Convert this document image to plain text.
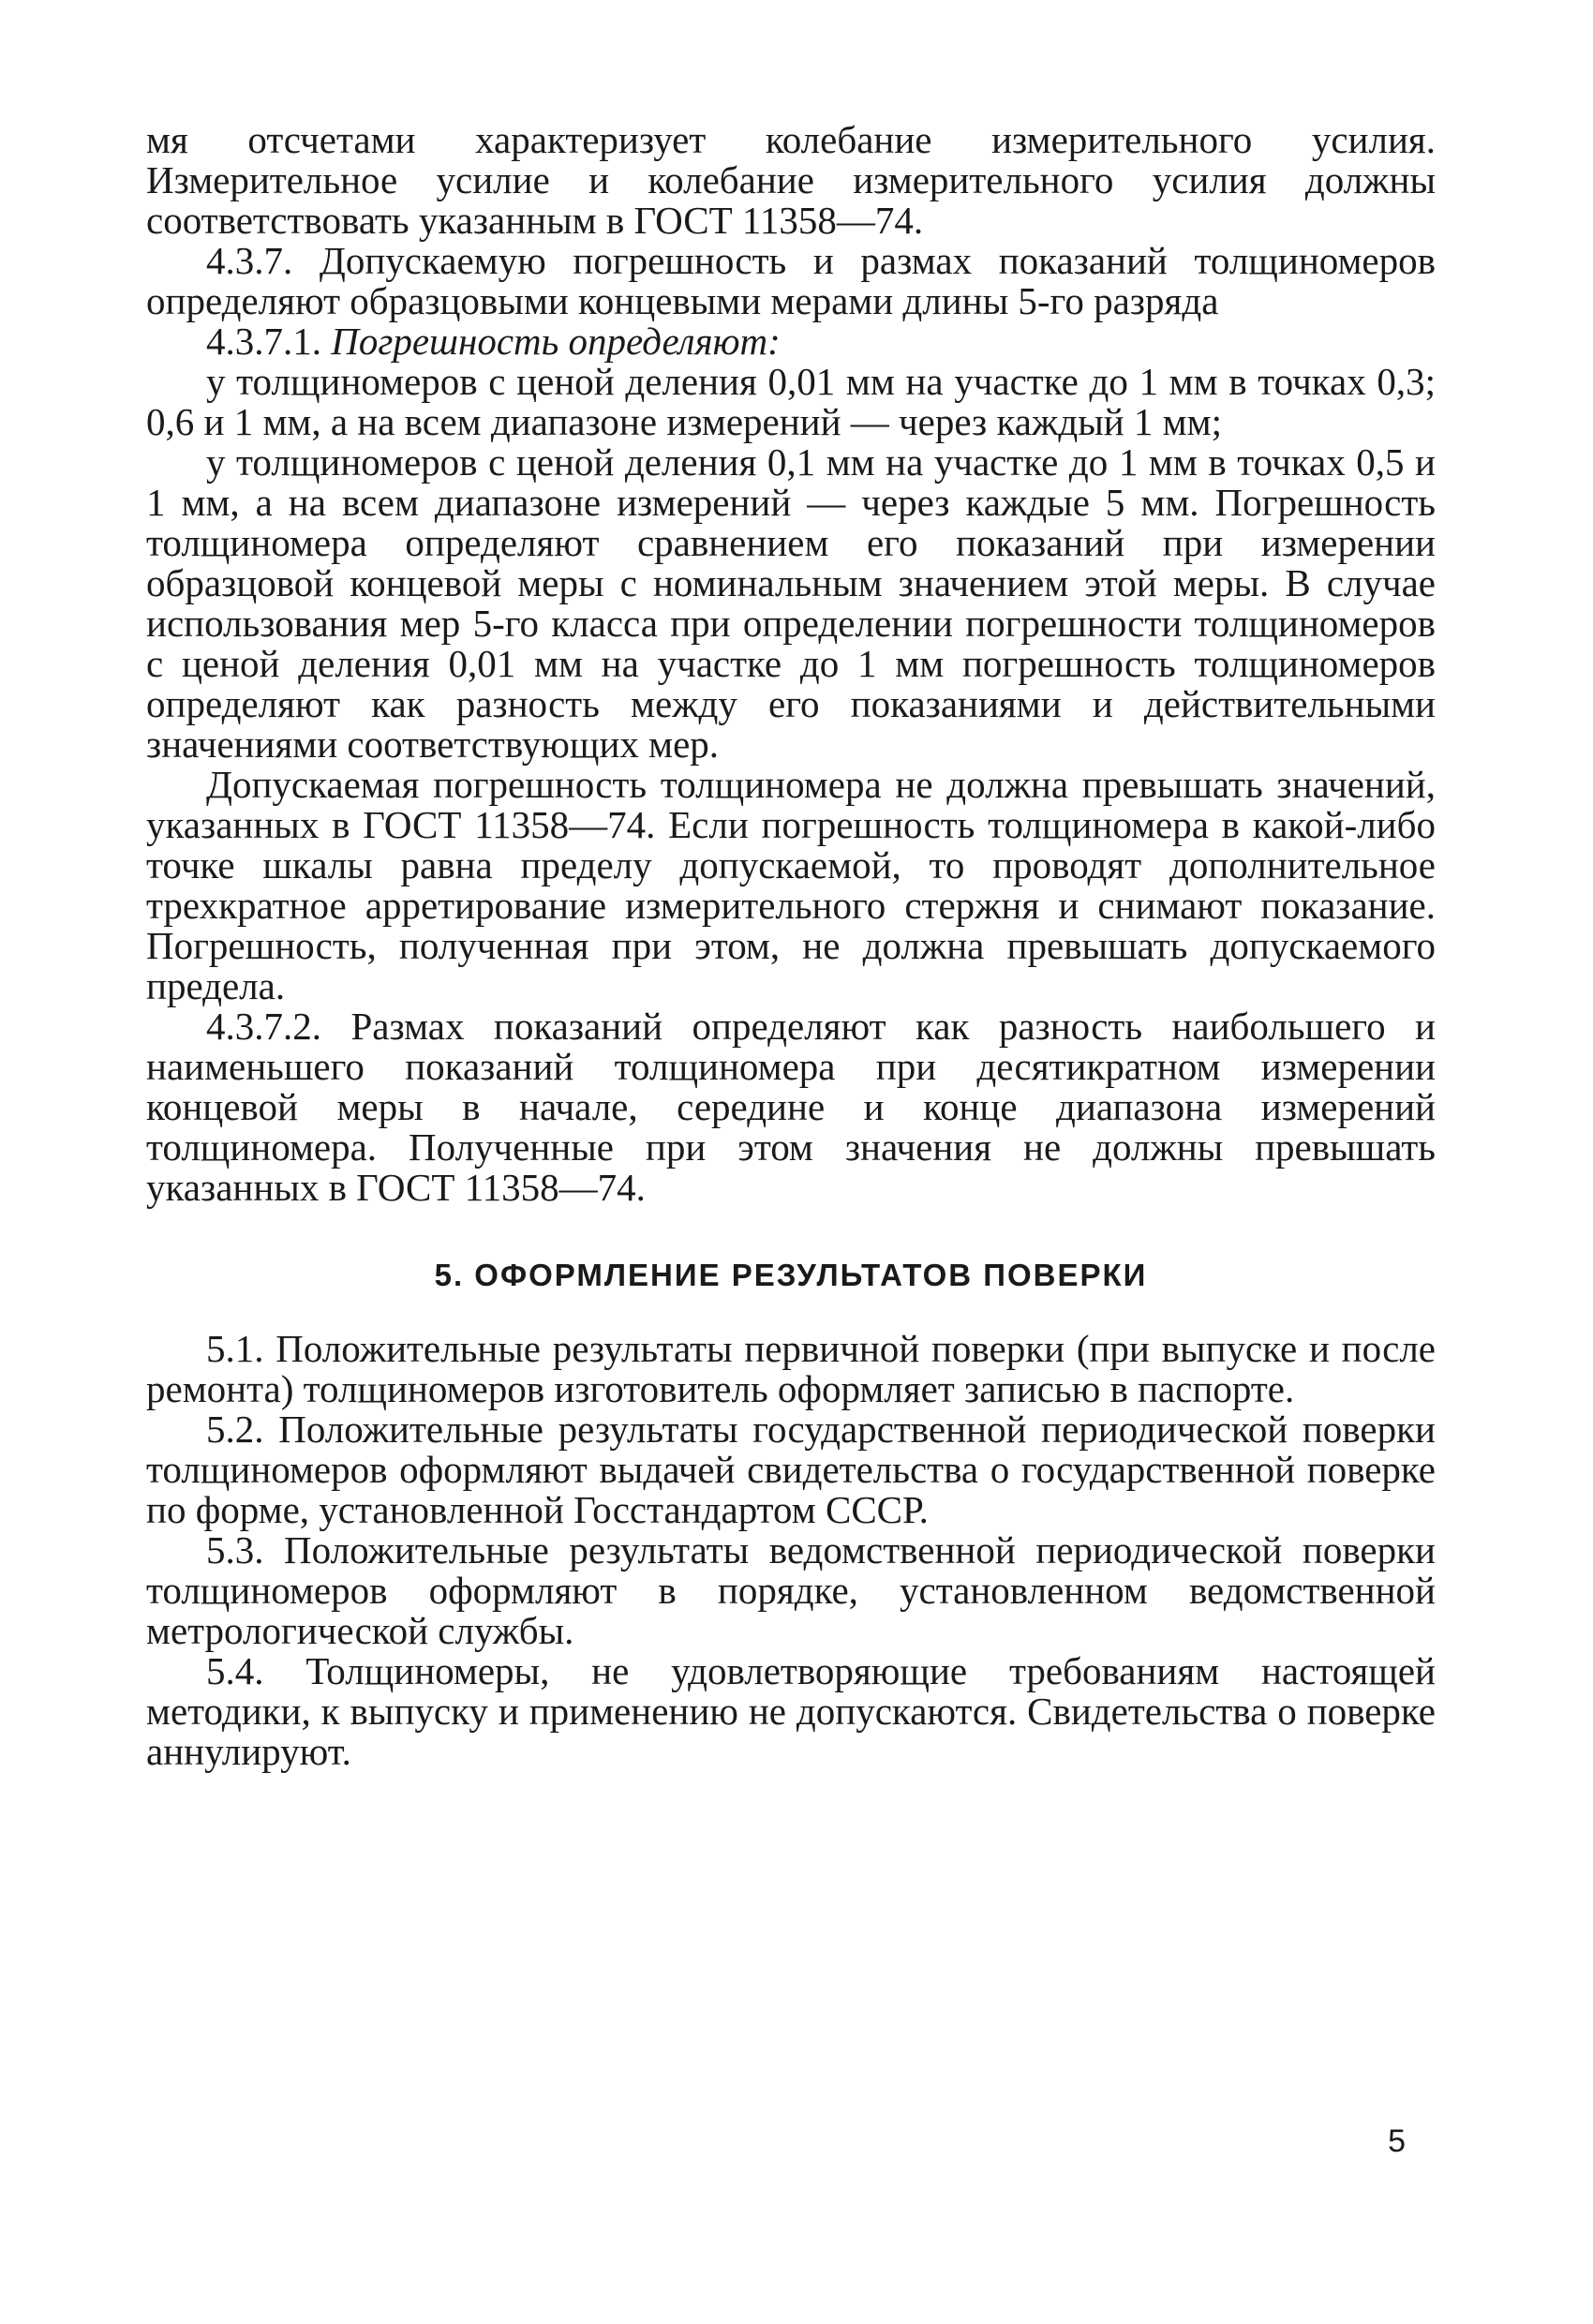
мя отсчетами характеризует колебание измерительного усилия. Измерительное усилие и колебание измерительного усилия должны соответствовать указанным в ГОСТ 11358—74.

4.3.7. Допускаемую погрешность и размах показаний толщиномеров определяют образцовыми концевыми мерами длины 5-го разряда

4.3.7.1. Погрешность определяют:

у толщиномеров с ценой деления 0,01 мм на участке до 1 мм в точках 0,3; 0,6 и 1 мм, а на всем диапазоне измерений — через каждый 1 мм;

у толщиномеров с ценой деления 0,1 мм на участке до 1 мм в точках 0,5 и 1 мм, а на всем диапазоне измерений — через каждые 5 мм. Погрешность толщиномера определяют сравнением его показаний при измерении образцовой концевой меры с номинальным значением этой меры. В случае использования мер 5-го класса при определении погрешности толщиномеров с ценой деления 0,01 мм на участке до 1 мм погрешность толщиномеров определяют как разность между его показаниями и действительными значениями соответствующих мер.

Допускаемая погрешность толщиномера не должна превышать значений, указанных в ГОСТ 11358—74. Если погрешность толщиномера в какой-либо точке шкалы равна пределу допускаемой, то проводят дополнительное трехкратное арретирование измерительного стержня и снимают показание. Погрешность, полученная при этом, не должна превышать допускаемого предела.

4.3.7.2. Размах показаний определяют как разность наибольшего и наименьшего показаний толщиномера при десятикратном измерении концевой меры в начале, середине и конце диапазона измерений толщиномера. Полученные при этом значения не должны превышать указанных в ГОСТ 11358—74.

5. ОФОРМЛЕНИЕ РЕЗУЛЬТАТОВ ПОВЕРКИ

5.1. Положительные результаты первичной поверки (при выпуске и после ремонта) толщиномеров изготовитель оформляет записью в паспорте.

5.2. Положительные результаты государственной периодической поверки толщиномеров оформляют выдачей свидетельства о государственной поверке по форме, установленной Госстандартом СССР.

5.3. Положительные результаты ведомственной периодической поверки толщиномеров оформляют в порядке, установленном ведомственной метрологической службы.

5.4. Толщиномеры, не удовлетворяющие требованиям настоящей методики, к выпуску и применению не допускаются. Свидетельства о поверке аннулируют.

5
